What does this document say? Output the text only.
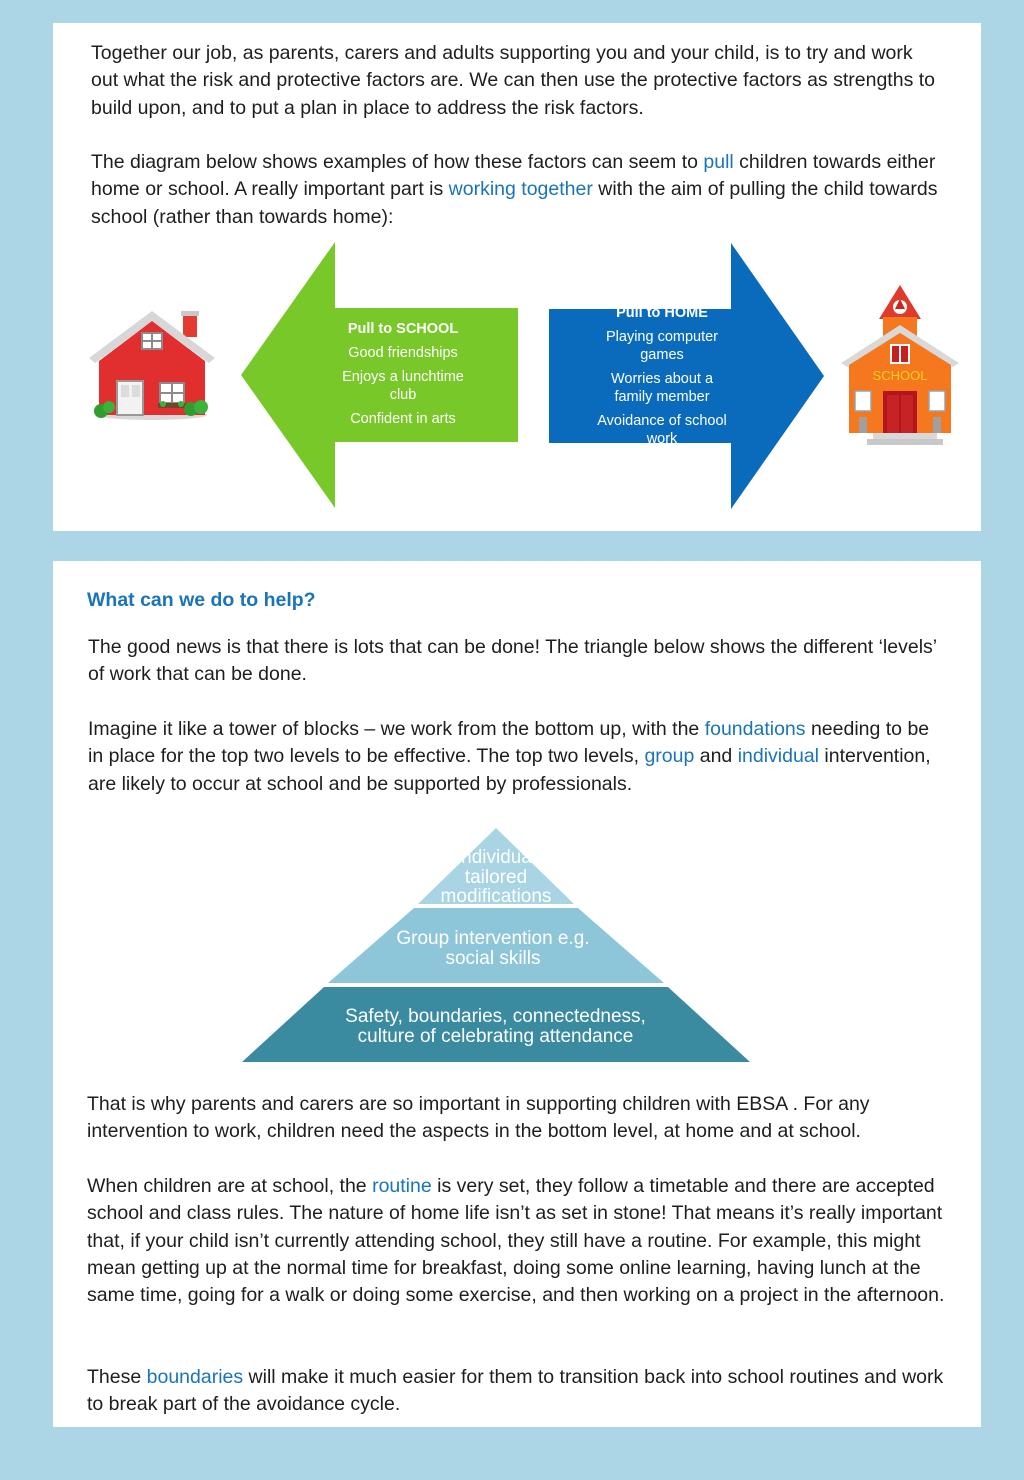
Together our job, as parents, carers and adults supporting you and your child, is to try and work out what the risk and protective factors are. We can then use the protective factors as strengths to build upon, and to put a plan in place to address the risk factors.

The diagram below shows examples of how these factors can seem to pull children towards either home or school. A really important part is working together with the aim of pulling the child towards school (rather than towards home):

Pull to SCHOOL
Good friendships
Enjoys a lunchtime club
Confident in arts
Pull to HOME
Playing computer games
Worries about a family member
Avoidance of school work
SCHOOL
What can we do to help?

The good news is that there is lots that can be done! The triangle below shows the different ‘levels’ of work that can be done.

Imagine it like a tower of blocks – we work from the bottom up, with the foundations needing to be in place for the top two levels to be effective. The top two levels, group and individual intervention, are likely to occur at school and be supported by professionals.

Individual tailored modifications
Group intervention e.g. social skills
Safety, boundaries, connectedness, culture of celebrating attendance

That is why parents and carers are so important in supporting children with EBSA . For any intervention to work, children need the aspects in the bottom level, at home and at school.

When children are at school, the routine is very set, they follow a timetable and there are accepted school and class rules. The nature of home life isn’t as set in stone! That means it’s really important that, if your child isn’t currently attending school, they still have a routine. For example, this might mean getting up at the normal time for breakfast, doing some online learning, having lunch at the same time, going for a walk or doing some exercise, and then working on a project in the afternoon.

These boundaries will make it much easier for them to transition back into school routines and work to break part of the avoidance cycle.
